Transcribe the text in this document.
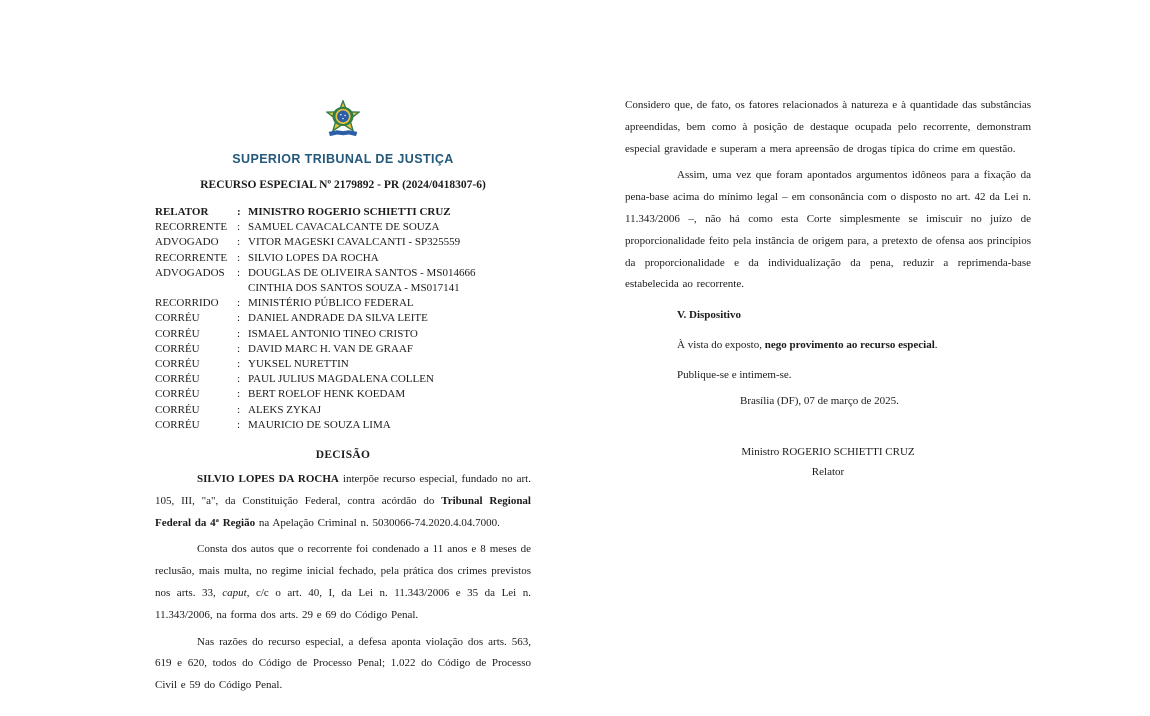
SUPERIOR TRIBUNAL DE JUSTIÇA
RECURSO ESPECIAL Nº 2179892 - PR (2024/0418307-6)
RELATOR	: MINISTRO ROGERIO SCHIETTI CRUZ
RECORRENTE : SAMUEL CAVACALCANTE DE SOUZA
ADVOGADO	: VITOR MAGESKI CAVALCANTI - SP325559
RECORRENTE : SILVIO LOPES DA ROCHA
ADVOGADOS	: DOUGLAS DE OLIVEIRA SANTOS - MS014666
CINTHIA DOS SANTOS SOUZA - MS017141
RECORRIDO	: MINISTÉRIO PÚBLICO FEDERAL
CORRÉU	: DANIEL ANDRADE DA SILVA LEITE
CORRÉU	: ISMAEL ANTONIO TINEO CRISTO
CORRÉU	: DAVID MARC H. VAN DE GRAAF
CORRÉU	: YUKSEL NURETTIN
CORRÉU	: PAUL JULIUS MAGDALENA COLLEN
CORRÉU	: BERT ROELOF HENK KOEDAM
CORRÉU	: ALEKS ZYKAJ
CORRÉU	: MAURICIO DE SOUZA LIMA
DECISÃO

SILVIO LOPES DA ROCHA interpõe recurso especial, fundado no art. 105, III, "a", da Constituição Federal, contra acórdão do Tribunal Regional Federal da 4ª Região na Apelação Criminal n. 5030066-74.2020.4.04.7000.

Consta dos autos que o recorrente foi condenado a 11 anos e 8 meses de reclusão, mais multa, no regime inicial fechado, pela prática dos crimes previstos nos arts. 33, caput, c/c o art. 40, I, da Lei n. 11.343/2006 e 35 da Lei n. 11.343/2006, na forma dos arts. 29 e 69 do Código Penal.

Nas razões do recurso especial, a defesa aponta violação dos arts. 563, 619 e 620, todos do Código de Processo Penal; 1.022 do Código de Processo Civil e 59 do Código Penal.

Considero que, de fato, os fatores relacionados à natureza e à quantidade das substâncias apreendidas, bem como à posição de destaque ocupada pelo recorrente, demonstram especial gravidade e superam a mera apreensão de drogas típica do crime em questão.

Assim, uma vez que foram apontados argumentos idôneos para a fixação da pena-base acima do mínimo legal – em consonância com o disposto no art. 42 da Lei n. 11.343/2006 –, não há como esta Corte simplesmente se imiscuir no juízo de proporcionalidade feito pela instância de origem para, a pretexto de ofensa aos princípios da proporcionalidade e da individualização da pena, reduzir a reprimenda-base estabelecida ao recorrente.

V. Dispositivo
À vista do exposto, nego provimento ao recurso especial.
Publique-se e intimem-se.
Brasília (DF), 07 de março de 2025.
Ministro ROGERIO SCHIETTI CRUZ
Relator
